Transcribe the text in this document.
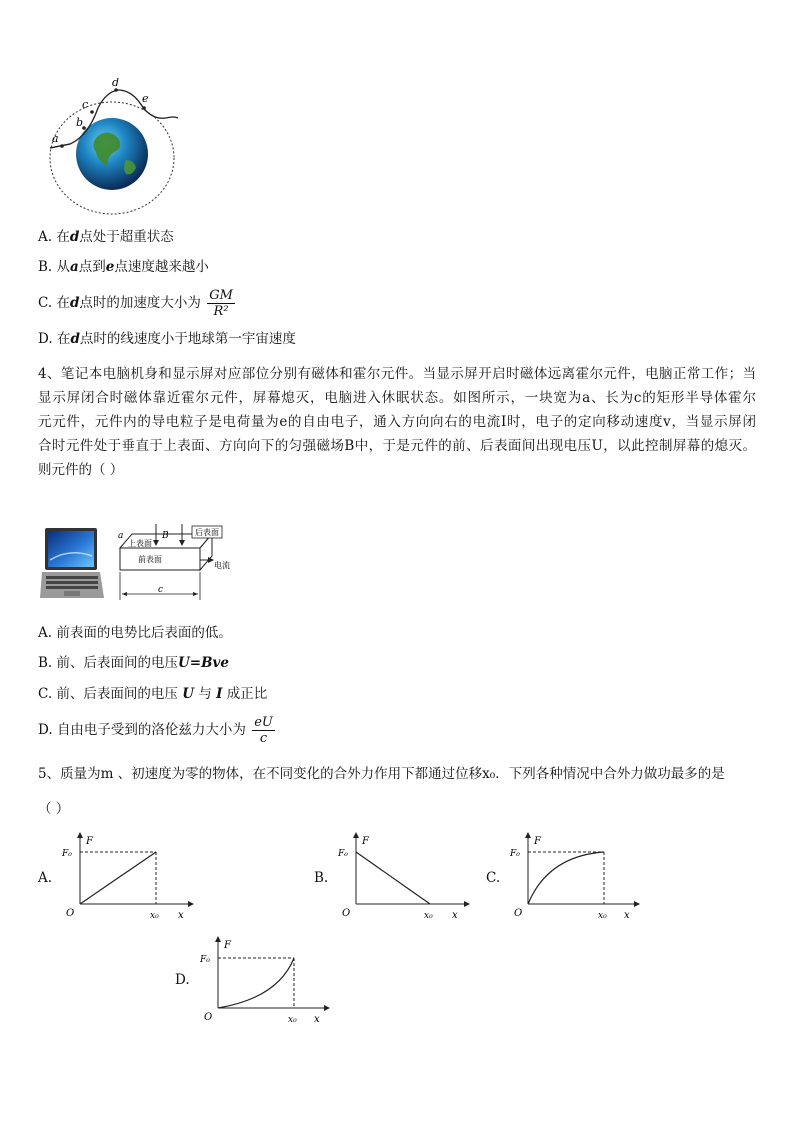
a
b
c
d
e
A. 在d点处于超重状态
B. 从a点到e点速度越来越小
C. 在d点时的加速度大小为 $\frac{GM}{\text{R²}}$
D. 在d点时的线速度小于地球第一宇宙速度
4、笔记本电脑机身和显示屏对应部位分别有磁体和霍尔元件。当显示屏开启时磁体远离霍尔元件，电脑正常工作；当
显示屏闭合时磁体靠近霍尔元件，屏幕熄灭，电脑进入休眠状态。如图所示，一块宽为a、长为c的矩形半导体霍尔
元元件，元件内的导电粒子是电荷量为e的自由电子，通入方向向右的电流I时，电子的定向移动速度v，当显示屏闭
合时元件处于垂直于上表面、方向向下的匀强磁场B中，于是元件的前、后表面间出现电压U，以此控制屏幕的熄灭。
则元件的（ ）
B	后表面
上表面
前表面
a
电流
c
A. 前表面的电势比后表面的低。
B. 前、后表面间的电压U=Bve
C. 前、后表面间的电压 U 与 I 成正比
D. 自由电子受到的洛伦兹力大小为 $\frac{eU}{c}$
5、质量为m 、初速度为零的物体，在不同变化的合外力作用下都通过位移x₀．下列各种情况中合外力做功最多的是
（ ）
A.
F
F₀
O	x₀ x
B.
F
F₀
O	x₀ x
C.
F
F₀
O	x₀ x
D.
F
F₀
O	x₀ x
